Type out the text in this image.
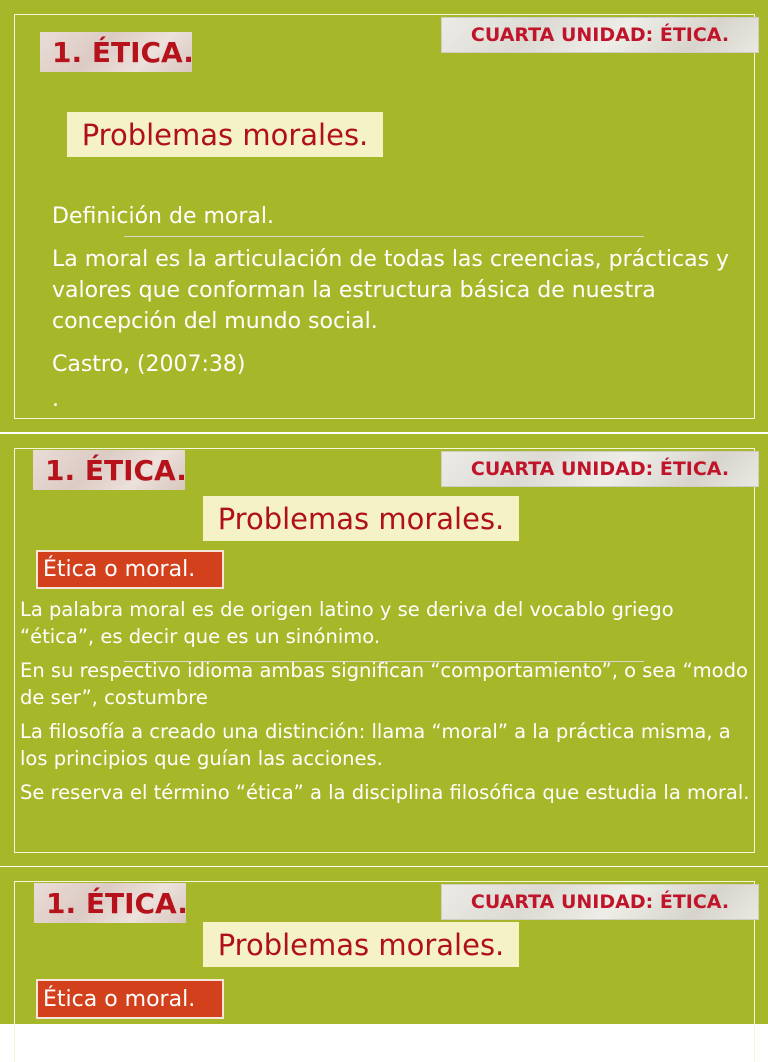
1. ÉTICA.
CUARTA UNIDAD: ÉTICA.
Problemas morales.

Definición de moral.

La moral es la articulación de todas las creencias, prácticas y valores que conforman la estructura básica de nuestra concepción del mundo social.

Castro, (2007:38)

.

1. ÉTICA.	CUARTA UNIDAD: ÉTICA.
Problemas morales.
Ética o moral.

La palabra moral es de origen latino y se deriva del vocablo griego “ética”, es decir que es un sinónimo.

En su respectivo idioma ambas significan “comportamiento”, o sea “modo de ser”, costumbre

La filosofía a creado una distinción: llama “moral” a la práctica misma, a los principios que guían las acciones.

Se reserva el término “ética” a la disciplina filosófica que estudia la moral.

1. ÉTICA.	CUARTA UNIDAD: ÉTICA.
Problemas morales.
Ética o moral.
